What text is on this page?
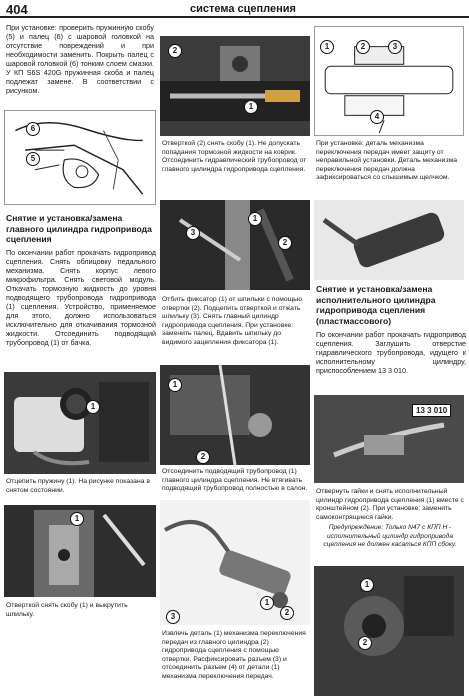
404	система сцепления
При установке: проверить пружинную скобу (5) и палец (6) с шаровой головкой на отсутствие повреждений и при необходимости заменить. Покрыть палец с шаровой головкой (6) тонким слоем смазки. У КП S6S 420G пружинная скоба и палец подлежат замене. В соответствии с рисунком.
6
5
Снятие и установка/замена главного цилиндра гидропривода сцепления
По окончании работ прокачать гидропривод сцепления. Снять облицовку педального механизма. Снять корпус левого микрофильтра. Снять световой модуль. Откачать тормозную жидкость до уровня подводящего трубопровода гидропривода (1) сцепления. Устройство, применяемое для этого, должно использоваться исключительно для откачивания тормозной жидкости. Отсоединить подводящий трубопровод (1) от бачка.
1
Отцепить пружину (1). На рисунке показана в снятом состоянии.
1
Отверткой снять скобу (1) и выкрутить шпильку.
2
1
Отверткой (2) снять скобу (1). Не допускать попадания тормозной жидкости на коврик. Отсоединить гидравлический трубопровод от главного цилиндра гидропривода сцепления.
3
1
2
Отбить фиксатор (1) от шпильки с помощью отвертки (2). Подцепить отверткой и отжать шпильку (3). Снять главный цилиндр гидропривода сцепления. При установке: заменить палец. Вдавить шпильку до видимого зацепления фиксатора (1).
1
2
Отсоединить подводящий трубопровод (1) главного цилиндра сцепления. Не втягивать подводящий трубопровод полностью в салон.
3
1
2
Извлечь деталь (1) механизма переключения передач из главного цилиндра (2) гидропривода сцепления с помощью отвертки. Расфиксировать разъем (3) и отсоединить разъем (4) от детали (1) механизма переключения передач.
1	2	3
4
При установке: деталь механизма переключения передач имеет защиту от неправильной установки. Деталь механизма переключения передач должна зафиксироваться со слышимым щелчком.
Снятие и установка/замена исполнительного цилиндра гидропривода сцепления (пластмассового)
По окончании работ прокачать гидропривод сцепления. Заглушить отверстие гидравлического трубопровода, идущего к исполнительному цилиндру, приспособлением 13 3 010.
13 3 010
Отвернуть гайки и снять исполнительный цилиндр гидропривода сцепления (1) вместе с кронштейном (2). При установке: заменить самоконтрящиеся гайки.
Предупреждение: Только N47 с КПП Н - исполнительный цилиндр гидропривода сцепления не должен касаться КПП сбоку.
1
2
